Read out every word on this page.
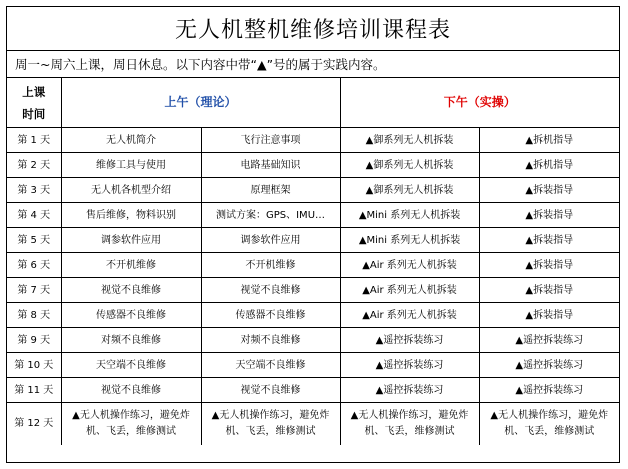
无人机整机维修培训课程表
周一~周六上课，周日休息。以下内容中带“▲”号的属于实践内容。
上课
时间	上午（理论）		下午（实操）	
第 1 天	无人机简介	飞行注意事项	▲御系列无人机拆装	▲拆机指导
第 2 天	维修工具与使用	电路基础知识	▲御系列无人机拆装	▲拆机指导
第 3 天	无人机各机型介绍	原理框架	▲御系列无人机拆装	▲拆装指导
第 4 天	售后维修，物料识别	测试方案：GPS、IMU…	▲Mini 系列无人机拆装	▲拆装指导
第 5 天	调参软件应用	调参软件应用	▲Mini 系列无人机拆装	▲拆装指导
第 6 天	不开机维修	不开机维修	▲Air 系列无人机拆装	▲拆装指导
第 7 天	视觉不良维修	视觉不良维修	▲Air 系列无人机拆装	▲拆装指导
第 8 天	传感器不良维修	传感器不良维修	▲Air 系列无人机拆装	▲拆装指导
第 9 天	对频不良维修	对频不良维修	▲遥控拆装练习	▲遥控拆装练习
第 10 天	天空端不良维修	天空端不良维修	▲遥控拆装练习	▲遥控拆装练习
第 11 天	视觉不良维修	视觉不良维修	▲遥控拆装练习	▲遥控拆装练习
第 12 天	▲无人机操作练习，避免炸机、飞丢，维修测试	▲无人机操作练习，避免炸机、飞丢，维修测试	▲无人机操作练习，避免炸机、飞丢，维修测试	▲无人机操作练习，避免炸机、飞丢，维修测试
